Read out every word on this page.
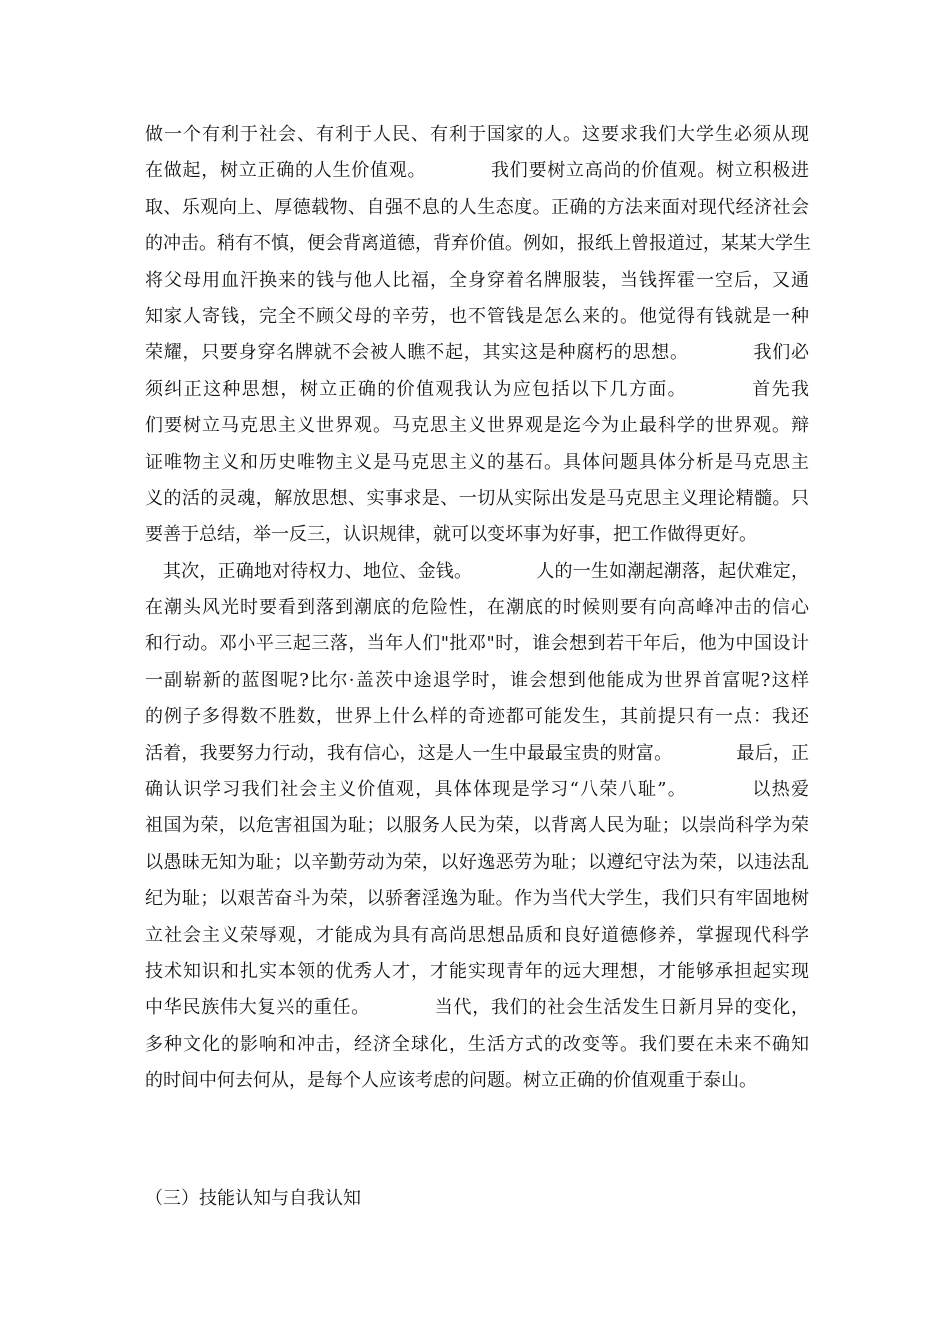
做一个有利于社会、有利于人民、有利于国家的人。这要求我们大学生必须从现
在做起，树立正确的人生价值观。	我们要树立高尚的价值观。树立积极进
取、乐观向上、厚德载物、自强不息的人生态度。正确的方法来面对现代经济社会
的冲击。稍有不慎，便会背离道德，背弃价值。例如，报纸上曾报道过，某某大学生
将父母用血汗换来的钱与他人比福，全身穿着名牌服装，当钱挥霍一空后，又通
知家人寄钱，完全不顾父母的辛劳，也不管钱是怎么来的。他觉得有钱就是一种
荣耀，只要身穿名牌就不会被人瞧不起，其实这是种腐朽的思想。	我们必
须纠正这种思想，树立正确的价值观我认为应包括以下几方面。	首先我
们要树立马克思主义世界观。马克思主义世界观是迄今为止最科学的世界观。辩
证唯物主义和历史唯物主义是马克思主义的基石。具体问题具体分析是马克思主
义的活的灵魂，解放思想、实事求是、一切从实际出发是马克思主义理论精髓。只
要善于总结，举一反三，认识规律，就可以变坏事为好事，把工作做得更好。
其次，正确地对待权力、地位、金钱。	人的一生如潮起潮落，起伏难定，
在潮头风光时要看到落到潮底的危险性，在潮底的时候则要有向高峰冲击的信心
和行动。邓小平三起三落，当年人们"批邓"时，谁会想到若干年后，他为中国设计
一副崭新的蓝图呢?比尔·盖茨中途退学时，谁会想到他能成为世界首富呢?这样
的例子多得数不胜数，世界上什么样的奇迹都可能发生，其前提只有一点：我还
活着，我要努力行动，我有信心，这是人一生中最最宝贵的财富。	最后，正
确认识学习我们社会主义价值观，具体体现是学习“八荣八耻”。	以热爱
祖国为荣，以危害祖国为耻；以服务人民为荣，以背离人民为耻；以崇尚科学为荣
以愚昧无知为耻；以辛勤劳动为荣，以好逸恶劳为耻；以遵纪守法为荣，以违法乱
纪为耻；以艰苦奋斗为荣，以骄奢淫逸为耻。作为当代大学生，我们只有牢固地树
立社会主义荣辱观，才能成为具有高尚思想品质和良好道德修养，掌握现代科学
技术知识和扎实本领的优秀人才，才能实现青年的远大理想，才能够承担起实现
中华民族伟大复兴的重任。	当代，我们的社会生活发生日新月异的变化，
多种文化的影响和冲击，经济全球化，生活方式的改变等。我们要在未来不确知
的时间中何去何从，是每个人应该考虑的问题。树立正确的价值观重于泰山。
（三）技能认知与自我认知
